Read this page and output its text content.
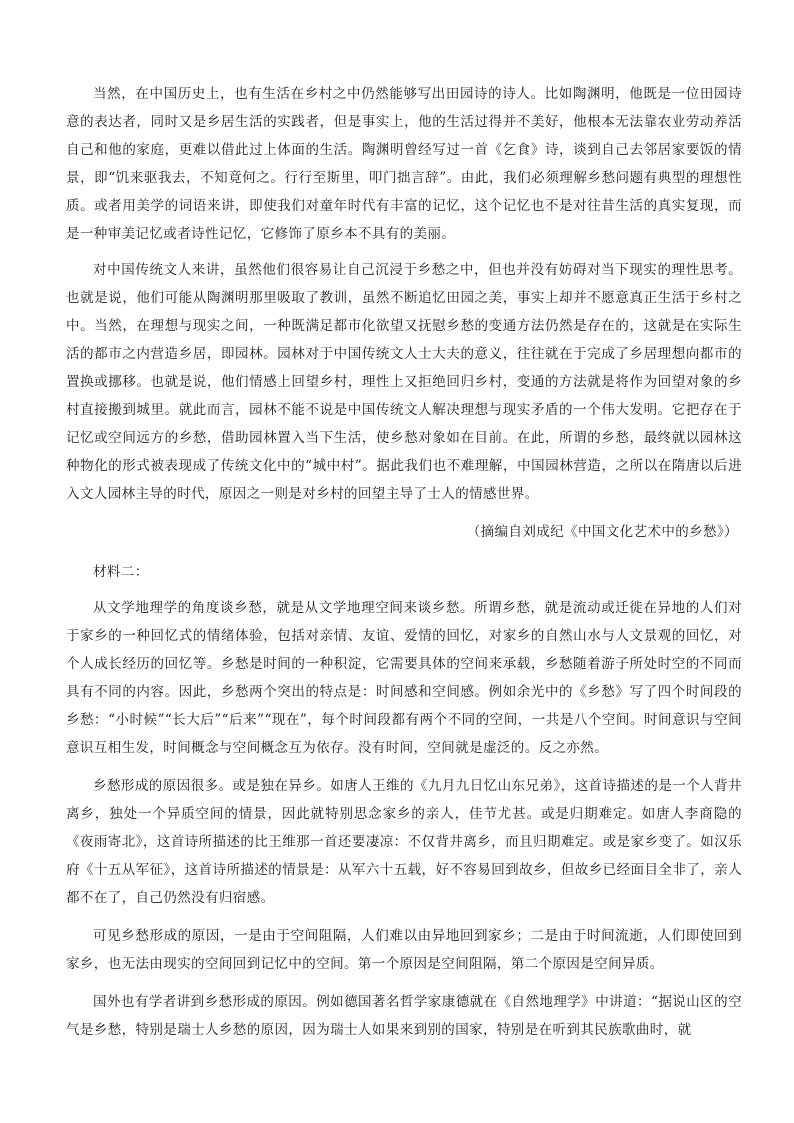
当然，在中国历史上，也有生活在乡村之中仍然能够写出田园诗的诗人。比如陶渊明，他既是一位田园诗意的表达者，同时又是乡居生活的实践者，但是事实上，他的生活过得并不美好，他根本无法靠农业劳动养活自己和他的家庭，更难以借此过上体面的生活。陶渊明曾经写过一首《乞食》诗，谈到自己去邻居家要饭的情景，即“饥来驱我去，不知竟何之。行行至斯里，叩门拙言辞”。由此，我们必须理解乡愁问题有典型的理想性质。或者用美学的词语来讲，即使我们对童年时代有丰富的记忆，这个记忆也不是对往昔生活的真实复现，而是一种审美记忆或者诗性记忆，它修饰了原乡本不具有的美丽。

对中国传统文人来讲，虽然他们很容易让自己沉浸于乡愁之中，但也并没有妨碍对当下现实的理性思考。也就是说，他们可能从陶渊明那里吸取了教训，虽然不断追忆田园之美，事实上却并不愿意真正生活于乡村之中。当然，在理想与现实之间，一种既满足都市化欲望又抚慰乡愁的变通方法仍然是存在的，这就是在实际生活的都市之内营造乡居，即园林。园林对于中国传统文人士大夫的意义，往往就在于完成了乡居理想向都市的置换或挪移。也就是说，他们情感上回望乡村，理性上又拒绝回归乡村，变通的方法就是将作为回望对象的乡村直接搬到城里。就此而言，园林不能不说是中国传统文人解决理想与现实矛盾的一个伟大发明。它把存在于记忆或空间远方的乡愁，借助园林置入当下生活，使乡愁对象如在目前。在此，所谓的乡愁，最终就以园林这种物化的形式被表现成了传统文化中的“城中村”。据此我们也不难理解，中国园林营造，之所以在隋唐以后进入文人园林主导的时代，原因之一则是对乡村的回望主导了士人的情感世界。

（摘编自刘成纪《中国文化艺术中的乡愁》）

材料二：

从文学地理学的角度谈乡愁，就是从文学地理空间来谈乡愁。所谓乡愁，就是流动或迁徙在异地的人们对于家乡的一种回忆式的情绪体验，包括对亲情、友谊、爱情的回忆，对家乡的自然山水与人文景观的回忆，对个人成长经历的回忆等。乡愁是时间的一种积淀，它需要具体的空间来承载，乡愁随着游子所处时空的不同而具有不同的内容。因此，乡愁两个突出的特点是：时间感和空间感。例如余光中的《乡愁》写了四个时间段的乡愁：“小时候”“长大后”“后来”“现在”，每个时间段都有两个不同的空间，一共是八个空间。时间意识与空间意识互相生发，时间概念与空间概念互为依存。没有时间，空间就是虚泛的。反之亦然。

乡愁形成的原因很多。或是独在异乡。如唐人王维的《九月九日忆山东兄弟》，这首诗描述的是一个人背井离乡，独处一个异质空间的情景，因此就特别思念家乡的亲人，佳节尤甚。或是归期难定。如唐人李商隐的《夜雨寄北》，这首诗所描述的比王维那一首还要凄凉：不仅背井离乡，而且归期难定。或是家乡变了。如汉乐府《十五从军征》，这首诗所描述的情景是：从军六十五载，好不容易回到故乡，但故乡已经面目全非了，亲人都不在了，自己仍然没有归宿感。

可见乡愁形成的原因，一是由于空间阻隔，人们难以由异地回到家乡；二是由于时间流逝，人们即使回到家乡，也无法由现实的空间回到记忆中的空间。第一个原因是空间阻隔，第二个原因是空间异质。

国外也有学者讲到乡愁形成的原因。例如德国著名哲学家康德就在《自然地理学》中讲道：“据说山区的空气是乡愁，特别是瑞士人乡愁的原因，因为瑞士人如果来到别的国家，特别是在听到其民族歌曲时，就
